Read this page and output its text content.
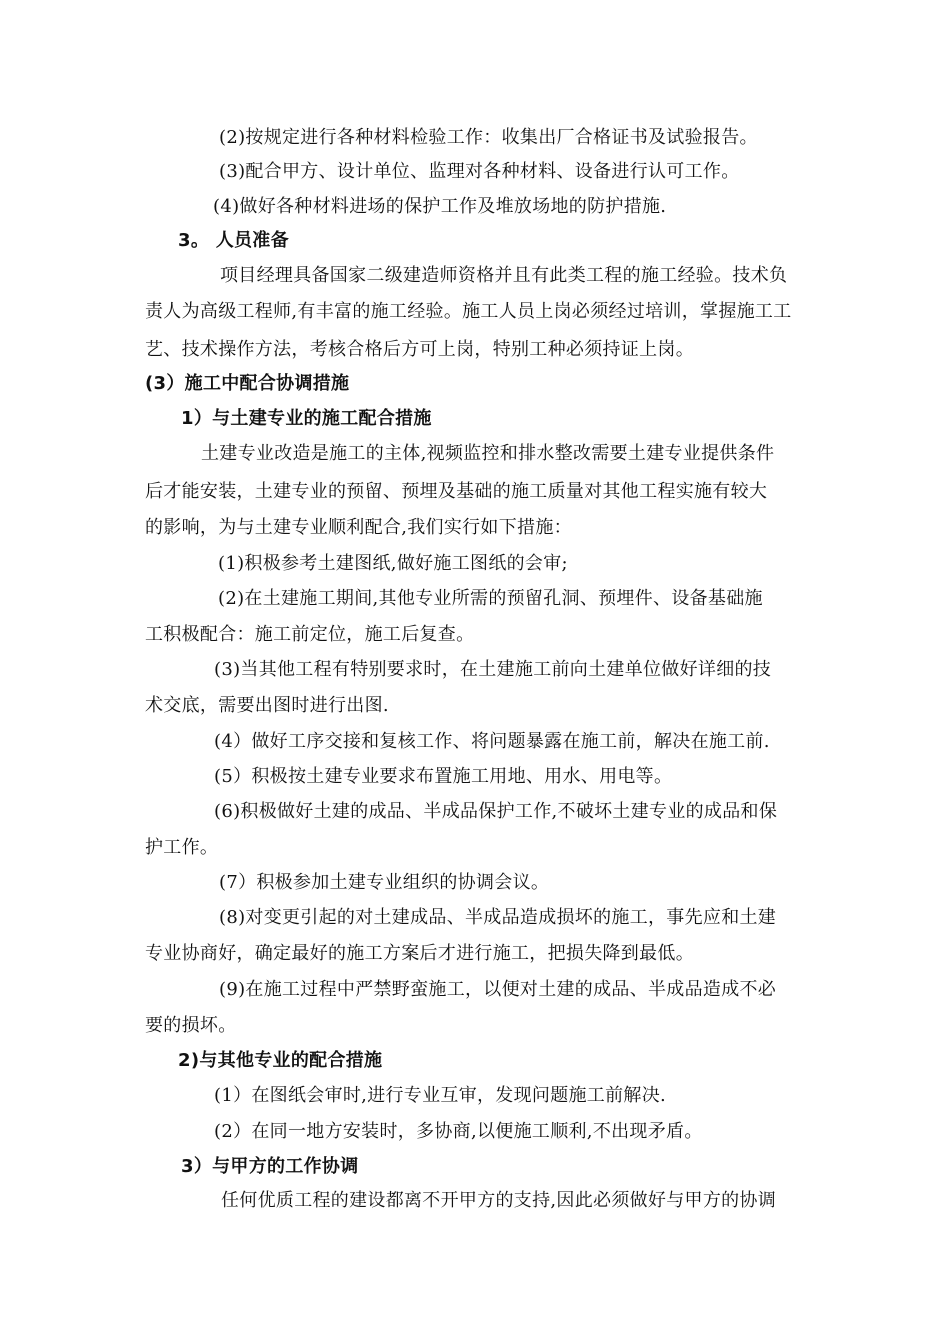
(2)按规定进行各种材料检验工作：收集出厂合格证书及试验报告。
(3)配合甲方、设计单位、监理对各种材料、设备进行认可工作。
(4)做好各种材料进场的保护工作及堆放场地的防护措施.
3。 人员准备
项目经理具备国家二级建造师资格并且有此类工程的施工经验。技术负
责人为高级工程师,有丰富的施工经验。施工人员上岗必须经过培训，掌握施工工
艺、技术操作方法，考核合格后方可上岗，特别工种必须持证上岗。
(3）施工中配合协调措施
1）与土建专业的施工配合措施
土建专业改造是施工的主体,视频监控和排水整改需要土建专业提供条件
后才能安装，土建专业的预留、预埋及基础的施工质量对其他工程实施有较大
的影响，为与土建专业顺利配合,我们实行如下措施：
(1)积极参考土建图纸,做好施工图纸的会审;
(2)在土建施工期间,其他专业所需的预留孔洞、预埋件、设备基础施
工积极配合：施工前定位，施工后复查。
(3)当其他工程有特别要求时，在土建施工前向土建单位做好详细的技
术交底，需要出图时进行出图.
(4）做好工序交接和复核工作、将问题暴露在施工前，解决在施工前.
(5）积极按土建专业要求布置施工用地、用水、用电等。
(6)积极做好土建的成品、半成品保护工作,不破坏土建专业的成品和保
护工作。
(7）积极参加土建专业组织的协调会议。
(8)对变更引起的对土建成品、半成品造成损坏的施工，事先应和土建
专业协商好，确定最好的施工方案后才进行施工，把损失降到最低。
(9)在施工过程中严禁野蛮施工，以便对土建的成品、半成品造成不必
要的损坏。
2)与其他专业的配合措施
(1）在图纸会审时,进行专业互审，发现问题施工前解决.
(2）在同一地方安装时，多协商,以便施工顺利,不出现矛盾。
3）与甲方的工作协调
任何优质工程的建设都离不开甲方的支持,因此必须做好与甲方的协调
